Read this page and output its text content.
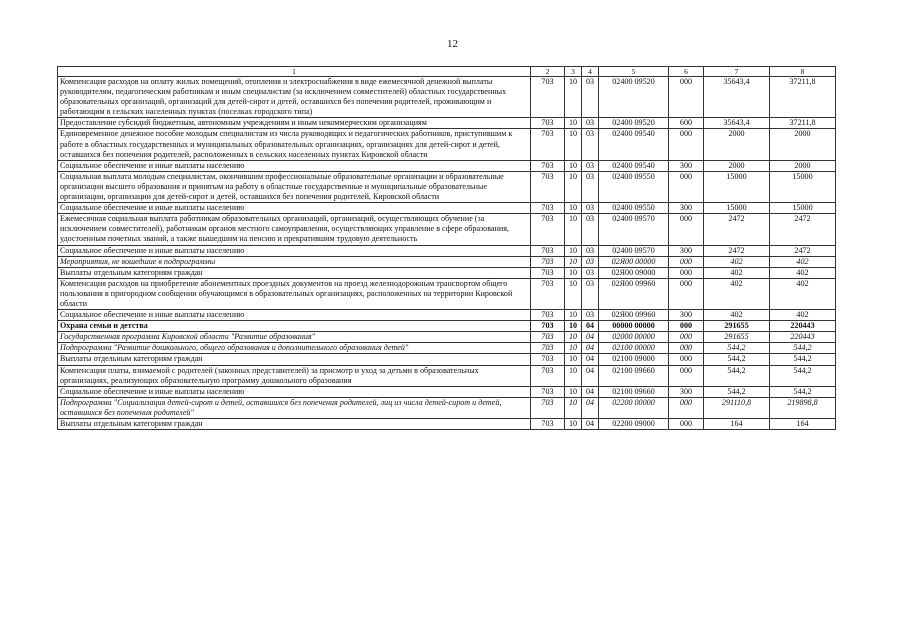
12
1	2	3	4	5	6	7	8
Компенсация расходов на оплату жилых помещений, отопления и электроснабжения в виде ежемесячной денежной выплаты руководителям, педагогическим работникам и иным специалистам (за исключением совместителей) областных государственных образовательных организаций, организаций для детей-сирот и детей, оставшихся без попечения родителей, проживающим и работающим в сельских населенных пунктах (поселках городского типа)	703	10	03	02400 09520	000	35643,4	37211,8
Предоставление субсидий бюджетным, автономным учреждениям и иным некоммерческим организациям	703	10	03	02400 09520	600	35643,4	37211,8
Единовременное денежное пособие молодым специалистам из числа руководящих и педагогических работников, приступившим к работе в областных государственных и муниципальных образовательных организациях, организациях для детей-сирот и детей, оставшихся без попечения родителей, расположенных в сельских населенных пунктах Кировской области	703	10	03	02400 09540	000	2000	2000
Социальное обеспечение и иные выплаты населению	703	10	03	02400 09540	300	2000	2000
Социальная выплата молодым специалистам, окончившим профессиональные образовательные организации и образовательные организации высшего образования и принятым на работу в областные государственные и муниципальные образовательные организации, организации для детей-сирот и детей, оставшихся без попечения родителей, Кировской области	703	10	03	02400 09550	000	15000	15000
Социальное обеспечение и иные выплаты населению	703	10	03	02400 09550	300	15000	15000
Ежемесячная социальная выплата работникам образовательных организаций, организаций, осуществляющих обучение (за исключением совместителей), работникам органов местного самоуправления, осуществляющих управление в сфере образования, удостоенным почетных званий, а также вышедшим на пенсию и прекратившим трудовую деятельность	703	10	03	02400 09570	000	2472	2472
Социальное обеспечение и иные выплаты населению	703	10	03	02400 09570	300	2472	2472
Мероприятия, не вошедшие в подпрограммы	703	10	03	02Я00 00000	000	402	402
Выплаты отдельным категориям граждан	703	10	03	02Я00 09000	000	402	402
Компенсация расходов на приобретение абонементных проездных документов на проезд железнодорожным транспортом общего пользования в пригородном сообщении обучающимся в образовательных организациях, расположенных на территории Кировской области	703	10	03	02Я00 09960	000	402	402
Социальное обеспечение и иные выплаты населению	703	10	03	02Я00 09960	300	402	402
Охрана семьи и детства	703	10	04	00000 00000	000	291655	220443
Государственная программа Кировской области "Развитие образования"	703	10	04	02000 00000	000	291655	220443
Подпрограмма "Развитие дошкольного, общего образования и дополнительного образования детей"	703	10	04	02100 00000	000	544,2	544,2
Выплаты отдельным категориям граждан	703	10	04	02100 09000	000	544,2	544,2
Компенсация платы, взимаемой с родителей (законных представителей) за присмотр и уход за детьми в образовательных организациях, реализующих образовательную программу дошкольного образования	703	10	04	02100 09660	000	544,2	544,2
Социальное обеспечение и иные выплаты населению	703	10	04	02100 09660	300	544,2	544,2
Подпрограмма "Социализация детей-сирот и детей, оставшихся без попечения родителей, лиц из числа детей-сирот и детей, оставшихся без попечения родителей"	703	10	04	02200 00000	000	291110,8	219898,8
Выплаты отдельным категориям граждан	703	10	04	02200 09000	000	164	164
